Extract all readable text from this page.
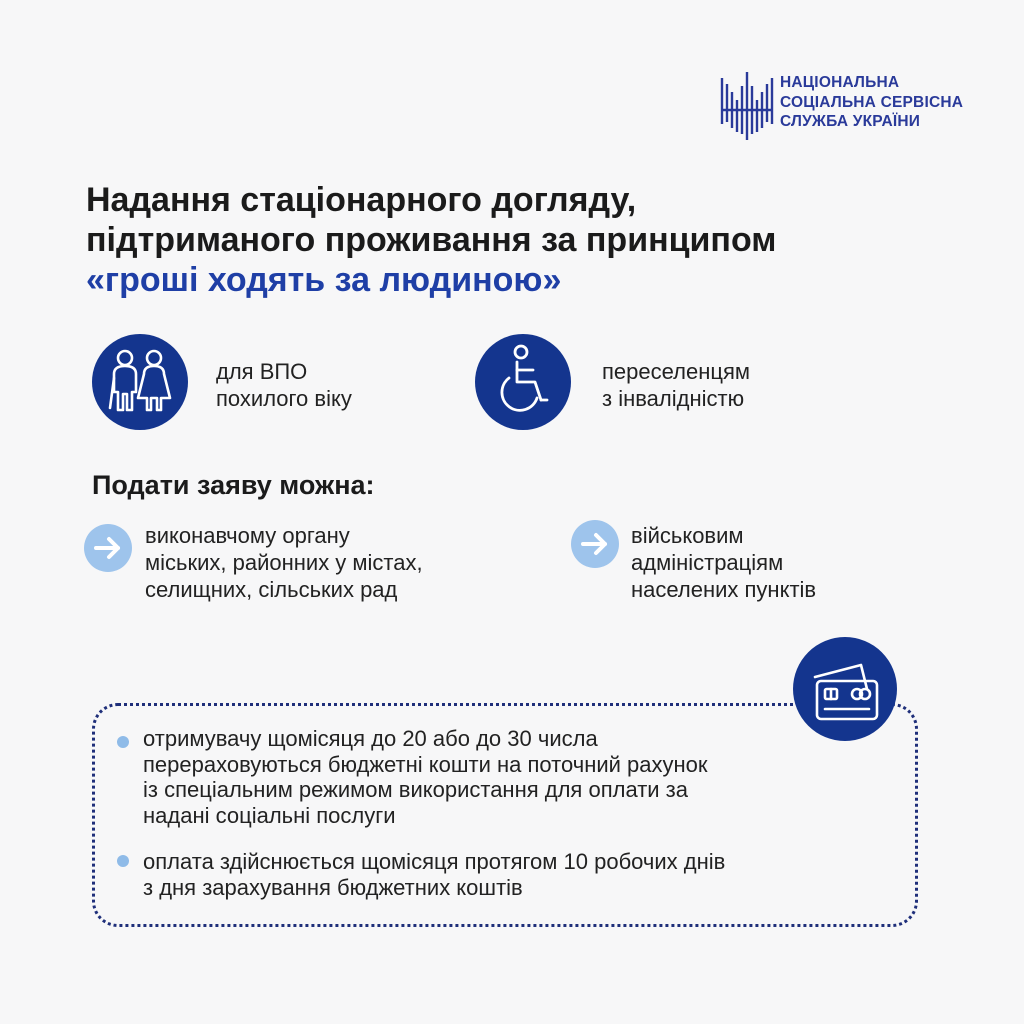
НАЦІОНАЛЬНА
СОЦІАЛЬНА СЕРВІСНА
СЛУЖБА УКРАЇНИ
Надання стаціонарного догляду,
підтриманого проживання за принципом
«гроші ходять за людиною»
для ВПО
похилого віку
переселенцям
з інвалідністю
Подати заяву можна:
виконавчому органу
міських, районних у містах,
селищних, сільських рад
військовим
адміністраціям
населених пунктів
отримувачу щомісяця до 20 або до 30 числа
перераховуються бюджетні кошти на поточний рахунок
із спеціальним режимом використання для оплати за
надані соціальні послуги
оплата здійснюється щомісяця протягом 10 робочих днів
з дня зарахування бюджетних коштів
